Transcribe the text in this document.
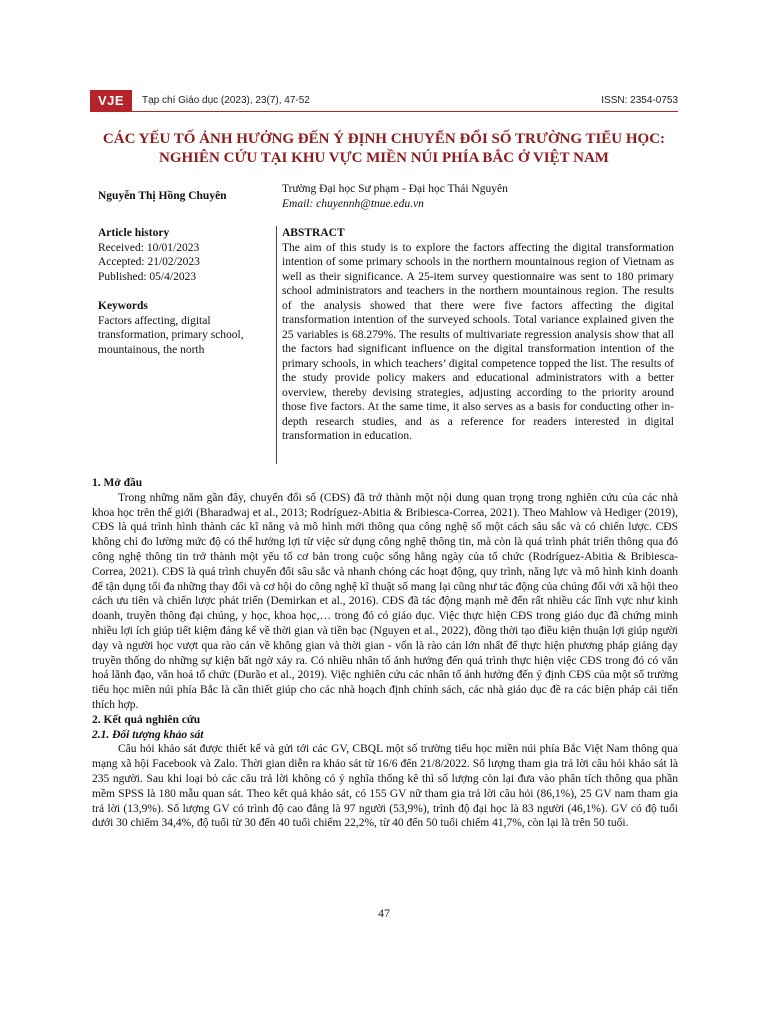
VJE	Tạp chí Giáo dục (2023), 23(7), 47-52	ISSN: 2354-0753
CÁC YẾU TỐ ẢNH HƯỞNG ĐẾN Ý ĐỊNH CHUYỂN ĐỔI SỐ TRƯỜNG TIỂU HỌC:
NGHIÊN CỨU TẠI KHU VỰC MIỀN NÚI PHÍA BẮC Ở VIỆT NAM
Nguyễn Thị Hồng Chuyên
Trường Đại học Sư phạm - Đại học Thái Nguyên
Email: chuyennh@tnue.edu.vn
Article history
Received: 10/01/2023
Accepted: 21/02/2023
Published: 05/4/2023
Keywords
Factors affecting, digital transformation, primary school, mountainous, the north
ABSTRACT
The aim of this study is to explore the factors affecting the digital transformation intention of some primary schools in the northern mountainous region of Vietnam as well as their significance. A 25-item survey questionnaire was sent to 180 primary school administrators and teachers in the northern mountainous region. The results of the analysis showed that there were five factors affecting the digital transformation intention of the surveyed schools. Total variance explained given the 25 variables is 68.279%. The results of multivariate regression analysis show that all the factors had significant influence on the digital transformation intention of the primary schools, in which teachers’ digital competence topped the list. The results of the study provide policy makers and educational administrators with a better overview, thereby devising strategies, adjusting according to the priority around those five factors. At the same time, it also serves as a basis for conducting other in-depth research studies, and as a reference for readers interested in digital transformation in education.
1. Mở đầu

Trong những năm gần đây, chuyển đổi số (CĐS) đã trở thành một nội dung quan trọng trong nghiên cứu của các nhà khoa học trên thế giới (Bharadwaj et al., 2013; Rodríguez-Abitia & Bribiesca-Correa, 2021). Theo Mahlow và Hediger (2019), CĐS là quá trình hình thành các kĩ năng và mô hình mới thông qua công nghệ số một cách sâu sắc và có chiến lược. CĐS không chỉ đo lường mức độ có thể hưởng lợi từ việc sử dụng công nghệ thông tin, mà còn là quá trình phát triển thông qua đó công nghệ thông tin trở thành một yếu tố cơ bản trong cuộc sống hằng ngày của tổ chức (Rodríguez-Abitia & Bribiesca-Correa, 2021). CĐS là quá trình chuyển đổi sâu sắc và nhanh chóng các hoạt động, quy trình, năng lực và mô hình kinh doanh để tận dụng tối đa những thay đổi và cơ hội do công nghệ kĩ thuật số mang lại cũng như tác động của chúng đối với xã hội theo cách ưu tiên và chiến lược phát triển (Demirkan et al., 2016). CĐS đã tác động mạnh mẽ đến rất nhiều các lĩnh vực như kinh doanh, truyền thông đại chúng, y học, khoa học,… trong đó có giáo dục. Việc thực hiện CĐS trong giáo dục đã chứng minh nhiều lợi ích giúp tiết kiệm đáng kể về thời gian và tiền bạc (Nguyen et al., 2022), đồng thời tạo điều kiện thuận lợi giúp người dạy và người học vượt qua rào cản về không gian và thời gian - vốn là rào cản lớn nhất để thực hiện phương pháp giảng dạy truyền thống do những sự kiện bất ngờ xảy ra. Có nhiều nhân tố ảnh hưởng đến quá trình thực hiện việc CĐS trong đó có văn hoá lãnh đạo, văn hoá tổ chức (Durão et al., 2019). Việc nghiên cứu các nhân tố ảnh hưởng đến ý định CĐS của một số trường tiểu học miền núi phía Bắc là cần thiết giúp cho các nhà hoạch định chính sách, các nhà giáo dục đề ra các biện pháp cải tiến thích hợp.

2. Kết quả nghiên cứu
2.1. Đối tượng khảo sát

Câu hỏi khảo sát được thiết kế và gửi tới các GV, CBQL một số trường tiểu học miền núi phía Bắc Việt Nam thông qua mạng xã hội Facebook và Zalo. Thời gian diễn ra khảo sát từ 16/6 đến 21/8/2022. Số lượng tham gia trả lời câu hỏi khảo sát là 235 người. Sau khi loại bỏ các câu trả lời không có ý nghĩa thống kê thì số lượng còn lại đưa vào phân tích thông qua phần mềm SPSS là 180 mẫu quan sát. Theo kết quả khảo sát, có 155 GV nữ tham gia trả lời câu hỏi (86,1%), 25 GV nam tham gia trả lời (13,9%). Số lượng GV có trình độ cao đẳng là 97 người (53,9%), trình độ đại học là 83 người (46,1%). GV có độ tuổi dưới 30 chiếm 34,4%, độ tuổi từ 30 đến 40 tuổi chiếm 22,2%, từ 40 đến 50 tuổi chiếm 41,7%, còn lại là trên 50 tuổi.

47
